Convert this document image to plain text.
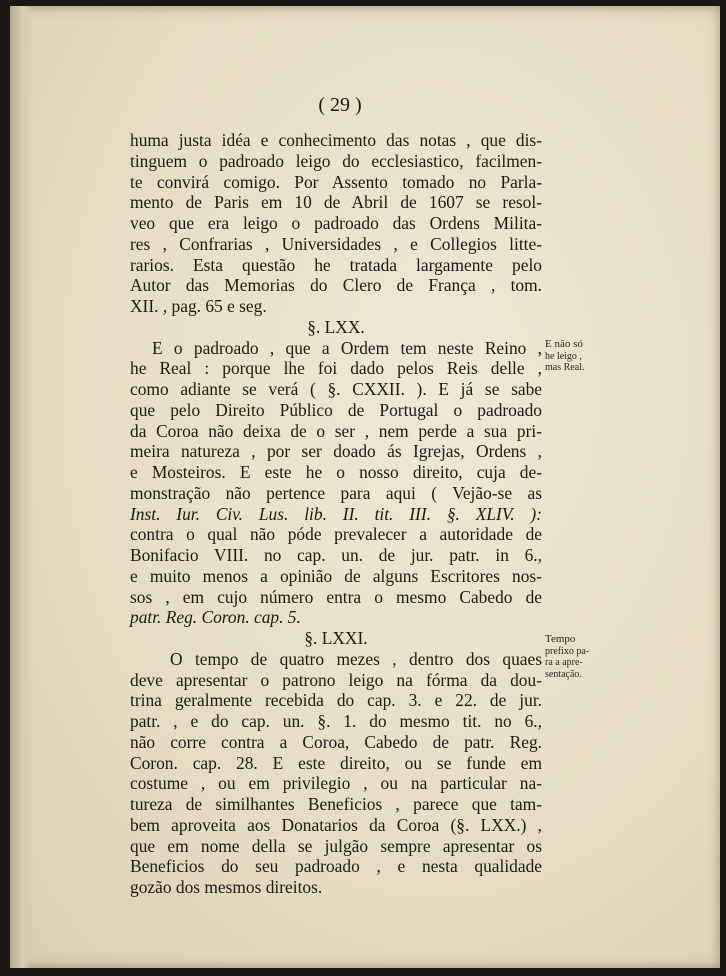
( 29 )
huma justa idéa e conhecimento das notas , que dis-
tinguem o padroado leigo do ecclesiastico, facilmen-
te convirá comigo. Por Assento tomado no Parla-
mento de Paris em 10 de Abril de 1607 se resol-
veo que era leigo o padroado das Ordens Milita-
res , Confrarias , Universidades , e Collegios litte-
rarios. Esta questão he tratada largamente pelo
Autor das Memorias do Clero de França , tom.
XII. , pag. 65 e seg.
§. LXX.
E o padroado , que a Ordem tem neste Reino ,
he Real : porque lhe foi dado pelos Reis delle ,
como adiante se verá ( §. CXXII. ). E já se sabe
que pelo Direito Público de Portugal o padroado
da Coroa não deixa de o ser , nem perde a sua pri-
meira natureza , por ser doado ás Igrejas, Ordens ,
e Mosteiros. E este he o nosso direito, cuja de-
monstração não pertence para aqui ( Vejão-se as
Inst. Iur. Civ. Lus. lib. II. tit. III. §. XLIV. ):
contra o qual não póde prevalecer a autoridade de
Bonifacio VIII. no cap. un. de jur. patr. in 6.,
e muito menos a opinião de alguns Escritores nos-
sos , em cujo número entra o mesmo Cabedo de
patr. Reg. Coron. cap. 5.
§. LXXI.
O tempo de quatro mezes , dentro dos quaes
deve apresentar o patrono leigo na fórma da dou-
trina geralmente recebida do cap. 3. e 22. de jur.
patr. , e do cap. un. §. 1. do mesmo tit. no 6.,
não corre contra a Coroa, Cabedo de patr. Reg.
Coron. cap. 28. E este direito, ou se funde em
costume , ou em privilegio , ou na particular na-
tureza de similhantes Beneficios , parece que tam-
bem aproveita aos Donatarios da Coroa (§. LXX.) ,
que em nome della se julgão sempre apresentar os
Beneficios do seu padroado , e nesta qualidade
gozão dos mesmos direitos.
E não só
he leigo ,
mas Real.
Tempo
prefixo pa-
ra a apre-
sentação.
